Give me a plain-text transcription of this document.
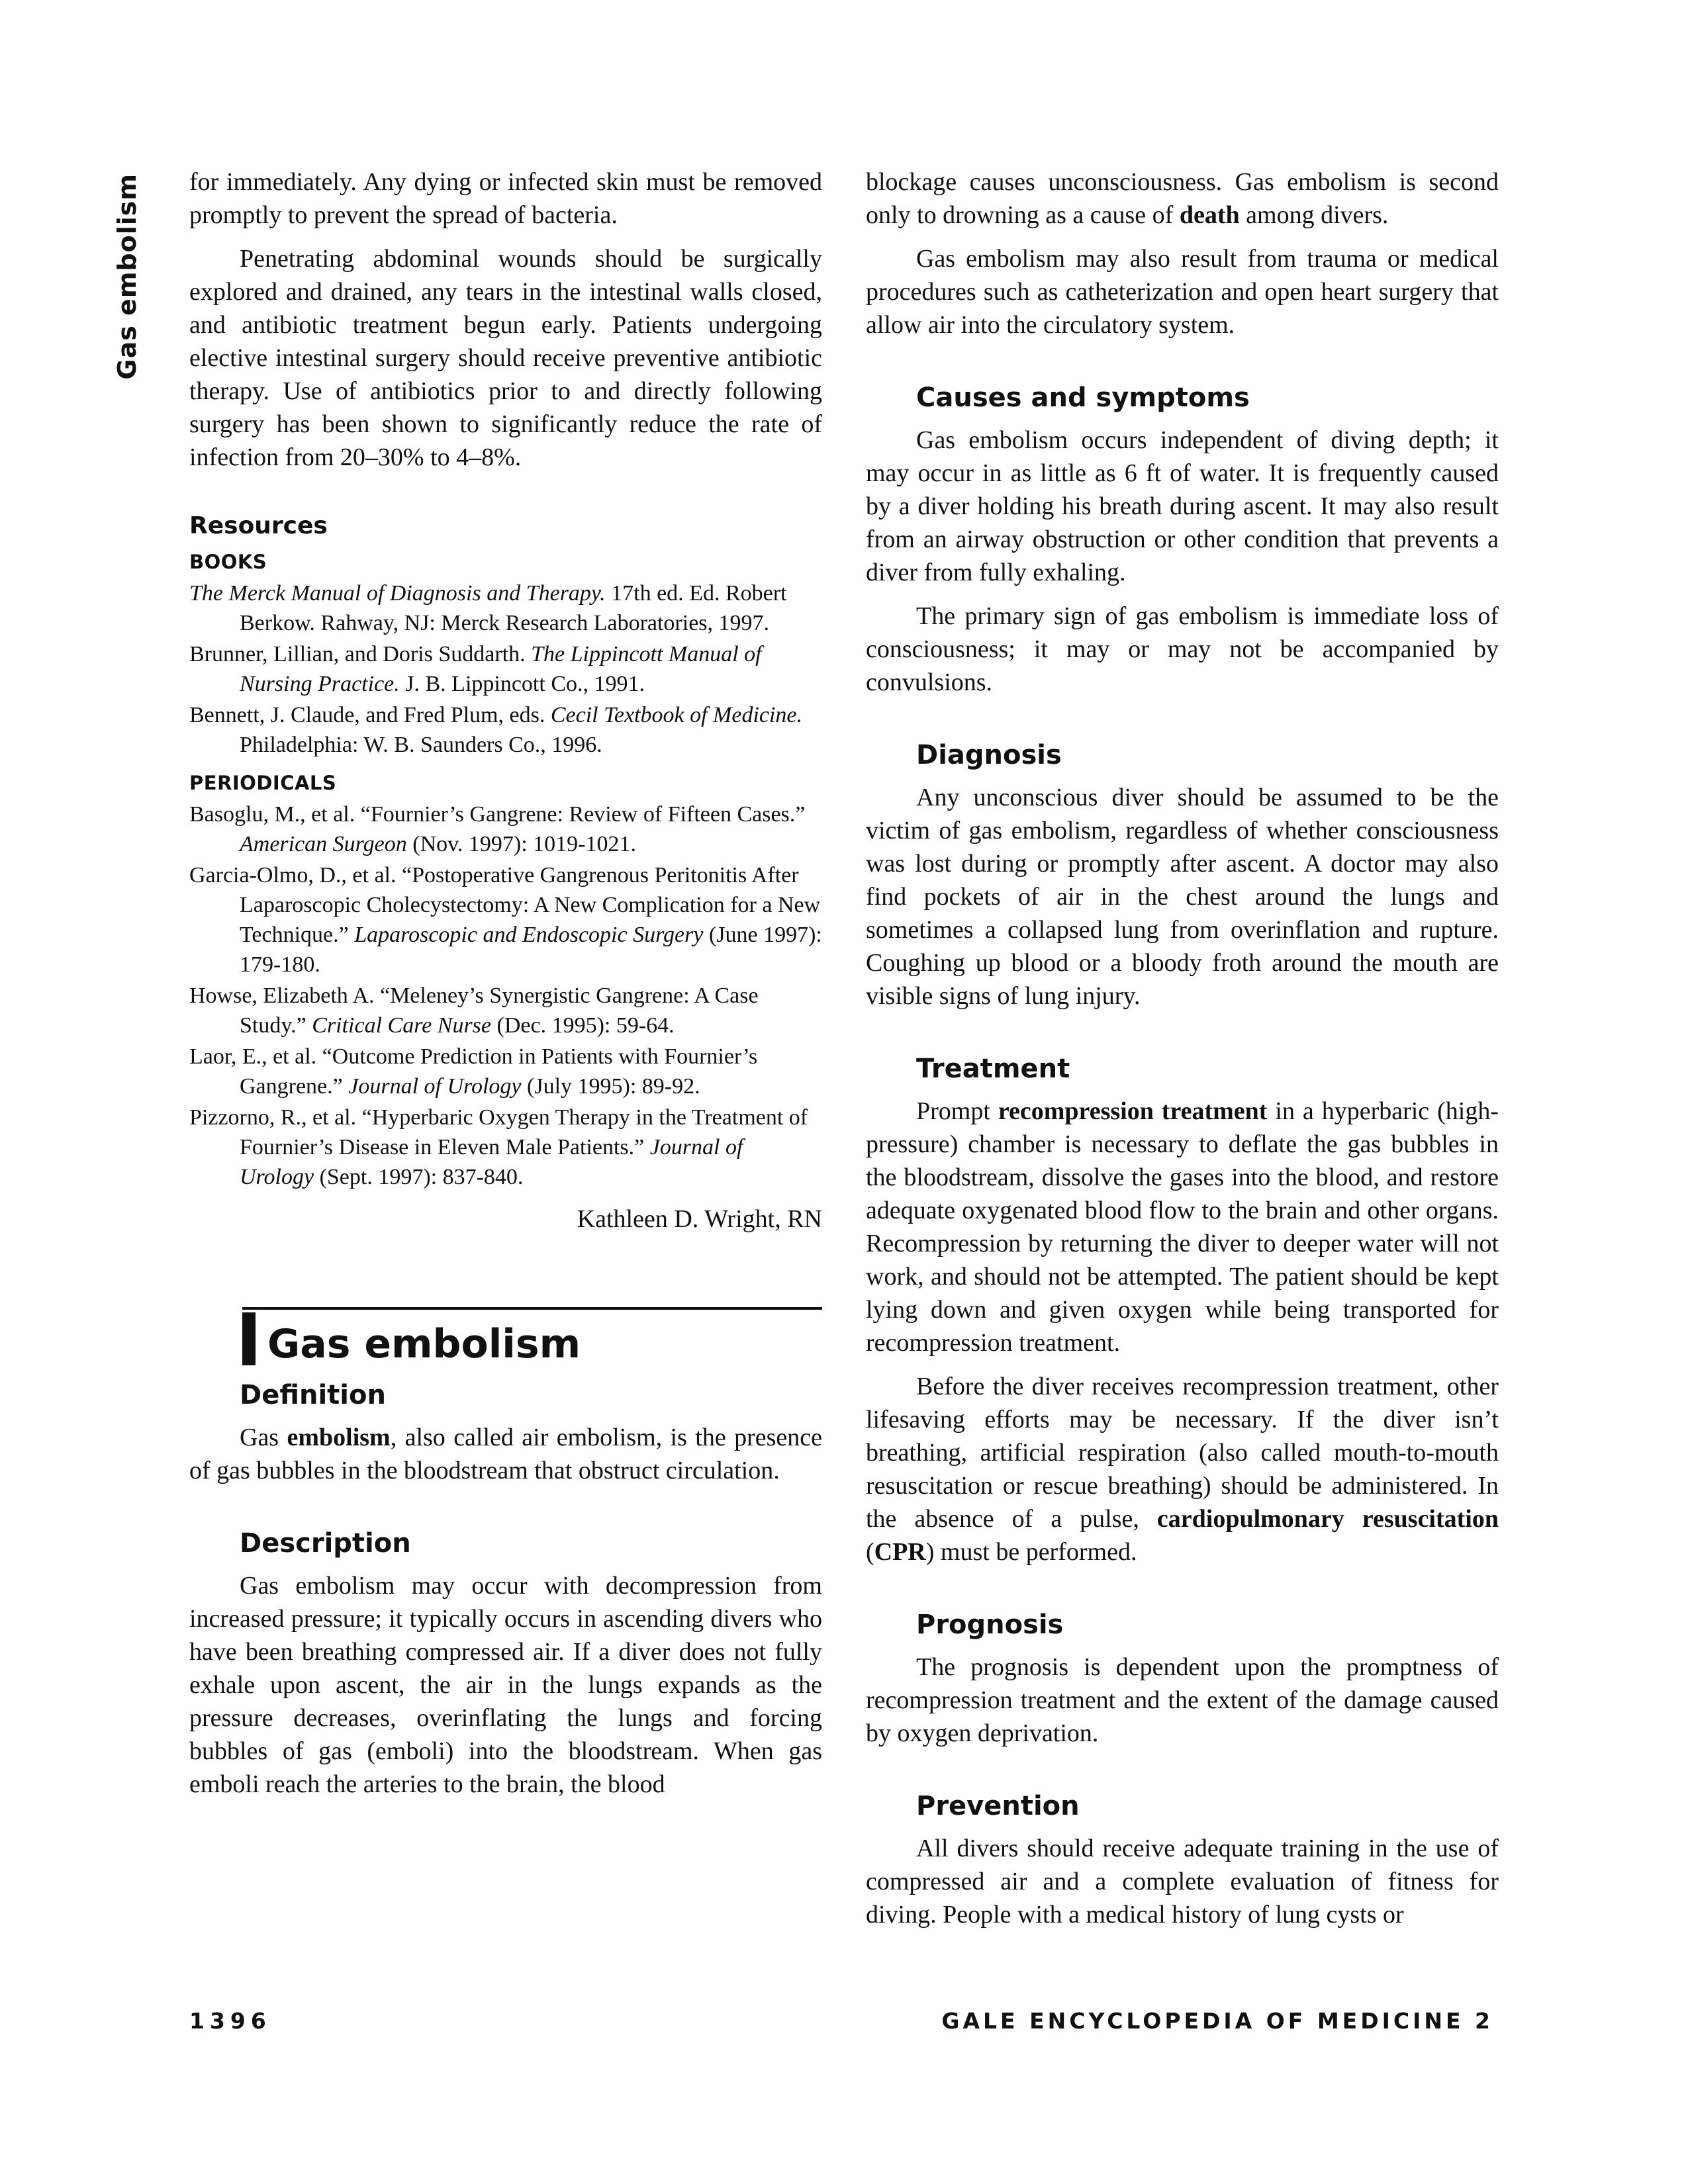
Gas embolism for immediately. Any dying or infected skin must be removed promptly to prevent the spread of bacteria.

Penetrating abdominal wounds should be surgically explored and drained, any tears in the intestinal walls closed, and antibiotic treatment begun early. Patients undergoing elective intestinal surgery should receive preventive antibiotic therapy. Use of antibiotics prior to and directly following surgery has been shown to significantly reduce the rate of infection from 20–30% to 4–8%.

Resources
BOOKS
The Merck Manual of Diagnosis and Therapy. 17th ed. Ed. Robert Berkow. Rahway, NJ: Merck Research Laboratories, 1997.
Brunner, Lillian, and Doris Suddarth. The Lippincott Manual of Nursing Practice. J. B. Lippincott Co., 1991.
Bennett, J. Claude, and Fred Plum, eds. Cecil Textbook of Medicine. Philadelphia: W. B. Saunders Co., 1996.
PERIODICALS
Basoglu, M., et al. “Fournier’s Gangrene: Review of Fifteen Cases.” American Surgeon (Nov. 1997): 1019-1021.
Garcia-Olmo, D., et al. “Postoperative Gangrenous Peritonitis After Laparoscopic Cholecystectomy: A New Complication for a New Technique.” Laparoscopic and Endoscopic Surgery (June 1997): 179-180.
Howse, Elizabeth A. “Meleney’s Synergistic Gangrene: A Case Study.” Critical Care Nurse (Dec. 1995): 59-64.
Laor, E., et al. “Outcome Prediction in Patients with Fournier’s Gangrene.” Journal of Urology (July 1995): 89-92.
Pizzorno, R., et al. “Hyperbaric Oxygen Therapy in the Treatment of Fournier’s Disease in Eleven Male Patients.” Journal of Urology (Sept. 1997): 837-840.
Kathleen D. Wright, RN
Gas embolism
Definition

Gas embolism, also called air embolism, is the presence of gas bubbles in the bloodstream that obstruct circulation.

Description

Gas embolism may occur with decompression from increased pressure; it typically occurs in ascending divers who have been breathing compressed air. If a diver does not fully exhale upon ascent, the air in the lungs expands as the pressure decreases, overinflating the lungs and forcing bubbles of gas (emboli) into the bloodstream. When gas emboli reach the arteries to the brain, the blood

blockage causes unconsciousness. Gas embolism is second only to drowning as a cause of death among divers.

Gas embolism may also result from trauma or medical procedures such as catheterization and open heart surgery that allow air into the circulatory system.

Causes and symptoms

Gas embolism occurs independent of diving depth; it may occur in as little as 6 ft of water. It is frequently caused by a diver holding his breath during ascent. It may also result from an airway obstruction or other condition that prevents a diver from fully exhaling.

The primary sign of gas embolism is immediate loss of consciousness; it may or may not be accompanied by convulsions.

Diagnosis

Any unconscious diver should be assumed to be the victim of gas embolism, regardless of whether consciousness was lost during or promptly after ascent. A doctor may also find pockets of air in the chest around the lungs and sometimes a collapsed lung from overinflation and rupture. Coughing up blood or a bloody froth around the mouth are visible signs of lung injury.

Treatment

Prompt recompression treatment in a hyperbaric (high-pressure) chamber is necessary to deflate the gas bubbles in the bloodstream, dissolve the gases into the blood, and restore adequate oxygenated blood flow to the brain and other organs. Recompression by returning the diver to deeper water will not work, and should not be attempted. The patient should be kept lying down and given oxygen while being transported for recompression treatment.

Before the diver receives recompression treatment, other lifesaving efforts may be necessary. If the diver isn’t breathing, artificial respiration (also called mouth-to-mouth resuscitation or rescue breathing) should be administered. In the absence of a pulse, cardiopulmonary resuscitation (CPR) must be performed.

Prognosis

The prognosis is dependent upon the promptness of recompression treatment and the extent of the damage caused by oxygen deprivation.

Prevention

All divers should receive adequate training in the use of compressed air and a complete evaluation of fitness for diving. People with a medical history of lung cysts or

1396	GALE ENCYCLOPEDIA OF MEDICINE 2
